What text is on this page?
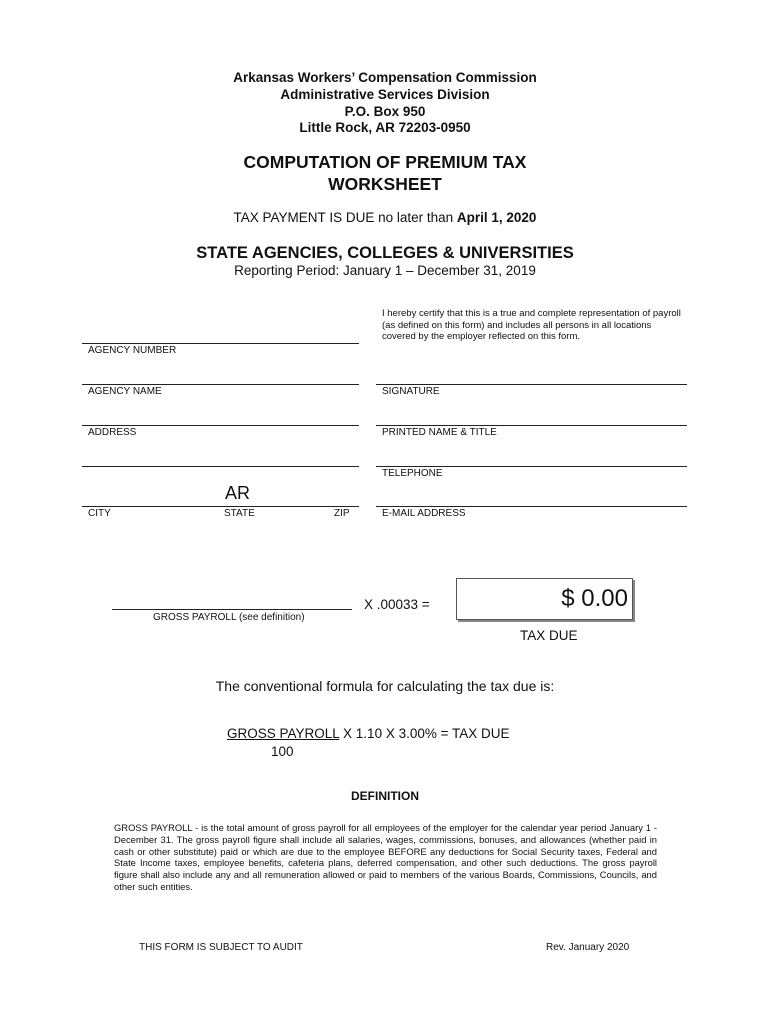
Arkansas Workers’ Compensation Commission
Administrative Services Division
P.O. Box 950
Little Rock, AR 72203-0950
COMPUTATION OF PREMIUM TAX
WORKSHEET
TAX PAYMENT IS DUE no later than April 1, 2020
STATE AGENCIES, COLLEGES & UNIVERSITIES
Reporting Period: January 1 – December 31, 2019
I hereby certify that this is a true and complete representation of payroll (as defined on this form) and includes all persons in all locations covered by the employer reflected on this form.
AGENCY NUMBER
AGENCY NAME
ADDRESS
AR
CITY	STATE	ZIP
SIGNATURE
PRINTED NAME & TITLE
TELEPHONE
E-MAIL ADDRESS
GROSS PAYROLL (see definition)
X .00033 =	$ 0.00
TAX DUE
The conventional formula for calculating the tax due is:
GROSS PAYROLL X 1.10 X 3.00% = TAX DUE
100
DEFINITION
GROSS PAYROLL - is the total amount of gross payroll for all employees of the employer for the calendar year period January 1 - December 31. The gross payroll figure shall include all salaries, wages, commissions, bonuses, and allowances (whether paid in cash or other substitute) paid or which are due to the employee BEFORE any deductions for Social Security taxes, Federal and State Income taxes, employee benefits, cafeteria plans, deferred compensation, and other such deductions. The gross payroll figure shall also include any and all remuneration allowed or paid to members of the various Boards, Commissions, Councils, and other such entities.
THIS FORM IS SUBJECT TO AUDIT	Rev. January 2020
